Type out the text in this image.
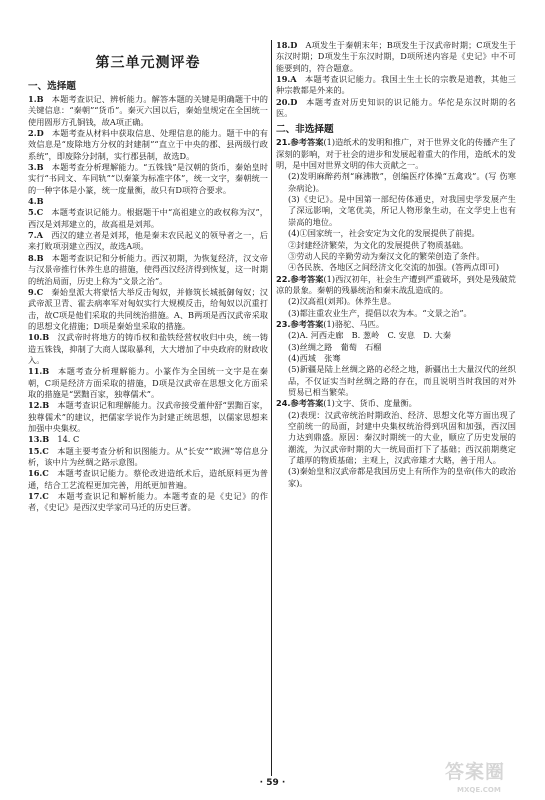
第三单元测评卷
一、选择题

1.B  本题考查识记、辨析能力。解答本题的关键是明确题干中的关键信息：“秦朝”“货币”。秦灭六国以后，秦始皇规定在全国统一使用圆形方孔铜钱，故A项正确。

2.D  本题考查从材料中获取信息、处理信息的能力。题干中的有效信息是“废除地方分权的封建制”“直立于中央的郡、县两级行政系统”，即废除分封制，实行郡县制，故选D。

3.B  本题考查分析理解能力。“五铢钱”是汉朝的货币，秦始皇时实行“书同文、车同轨”“以秦篆为标准字体”，统一文字，秦朝统一的一种字体是小篆，统一度量衡，故只有D项符合要求。

4.B 

5.C  本题考查识记能力。根据题干中“高祖建立的政权称为汉”，西汉是刘邦建立的，故高祖是刘邦。

7.A  西汉的建立者是刘邦，他是秦末农民起义的领导者之一，后来打败项羽建立西汉，故选A项。

8.B  本题考查识记和分析能力。西汉初期，为恢复经济，汉文帝与汉景帝推行休养生息的措施，使得西汉经济得到恢复，这一时期的统治局面，历史上称为“文景之治”。

9.C  秦始皇派大将蒙恬大举反击匈奴，并修筑长城抵御匈奴；汉武帝派卫青、霍去病率军对匈奴实行大规模反击，给匈奴以沉重打击，故C项是他们采取的共同统治措施。A、B两项是西汉武帝采取的思想文化措施；D项是秦始皇采取的措施。

10.B  汉武帝时将地方的铸币权和盐铁经营权收归中央，统一铸造五铢钱，抑制了大商人谋取暴利，大大增加了中央政府的财政收入。

11.B  本题考查分析理解能力。小篆作为全国统一文字是在秦朝，C项是经济方面采取的措施，D项是汉武帝在思想文化方面采取的措施是“罢黜百家，独尊儒术”。

12.B  本题考查识记和理解能力。汉武帝接受董仲舒“罢黜百家，独尊儒术”的建议，把儒家学说作为封建正统思想，以儒家思想来加强中央集权。

13.B  14. C

15.C  本题主要考查分析和识图能力。从“长安”“欧洲”等信息分析，该中片为丝绸之路示意图。

16.C  本题考查识记能力。蔡伦改进造纸术后，造纸原料更为普通，结合工艺流程更加完善，用纸更加普遍。

17.C  本题考查识记和解析能力。本题考查的是《史记》的作者，《史记》是西汉史学家司马迁的历史巨著。

18.D  A项发生于秦朝末年；B项发生于汉武帝时期；C项发生于东汉时期；D项发生于东汉时期，D项所述内容是《史记》中不可能要到的，符合题意。

19.A  本题考查识记能力。我国土生土长的宗教是道教，其他三种宗教都是外来的。

20.D  本题考查对历史知识的识记能力。华佗是东汉时期的名医。

二、非选择题

21.参考答案(1)造纸术的发明和推广，对于世界文化的传播产生了深刻的影响，对于社会的进步和发展起着重大的作用，造纸术的发明，是中国对世界文明的伟大贡献之一。

(2)发明麻醉药剂“麻沸散”，创编医疗体操“五禽戏”。(写 伤寒杂病论)。

(3)《史记》。是中国第一部纪传体通史，对我国史学发展产生了深远影响，文笔优美，所记人物形象生动，在文学史上也有崇高的地位。

(4)①国家统一，社会安定为文化的发展提供了前提。

②封建经济繁荣，为文化的发展提供了物质基础。

③劳动人民的辛勤劳动为秦汉文化的繁荣创造了条件。

④各民族、各地区之间经济文化交流的加强。(答两点即可)

22.参考答案(1)西汉初年，社会生产遭到严重破坏，到处是残破荒凉的景象。秦朝的残暴统治和秦末战乱造成的。

(2)汉高祖(刘邦)。休养生息。

(3)都注重农业生产，提倡以农为本。“文景之治”。

23.参考答案(1)骆驼、马匹。

(2)A. 河西走廊　B. 葱岭　C. 安息　D. 大秦

(3)丝绸之路　葡萄　石榴

(4)西域　张骞

(5)新疆是陆上丝绸之路的必经之地，新疆出土大量汉代的丝织品，不仅证实当时丝绸之路的存在，而且说明当时我国的对外贸易已相当繁荣。

24.参考答案(1)文字、货币、度量衡。

(2)表现：汉武帝统治时期政治、经济、思想文化等方面出现了空前统一的局面，封建中央集权统治得到巩固和加强，西汉国力达到鼎盛。原因：秦汉时期统一的大业，顺应了历史发展的潮流，为汉武帝时期的大一统局面打下了基础；西汉前期奠定了雄厚的物质基础；主观上，汉武帝雄才大略，善于用人。

(3)秦始皇和汉武帝都是我国历史上有所作为的皇帝(伟大的政治家)。

· 59 ·	答案圈
MXQE.COM
